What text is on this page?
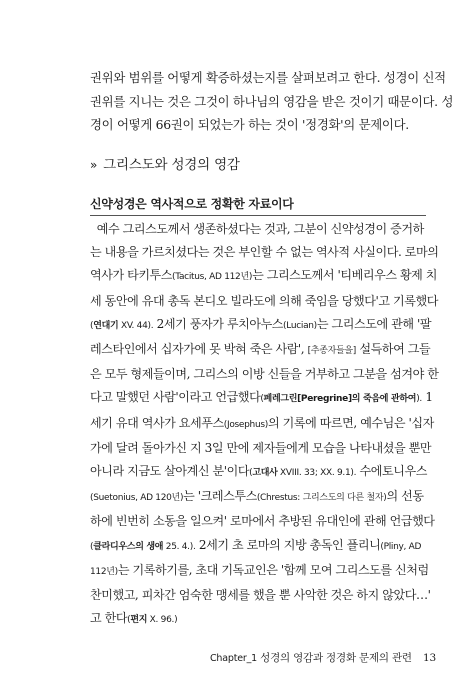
권위와 범위를 어떻게 확증하셨는지를 살펴보려고 한다. 성경이 신적
권위를 지니는 것은 그것이 하나님의 영감을 받은 것이기 때문이다. 성
경이 어떻게 66권이 되었는가 하는 것이 '정경화'의 문제이다.
» 그리스도와 성경의 영감
신약성경은 역사적으로 정확한 자료이다
예수 그리스도께서 생존하셨다는 것과, 그분이 신약성경이 증거하
는 내용을 가르치셨다는 것은 부인할 수 없는 역사적 사실이다. 로마의
역사가 타키투스(Tacitus, AD 112년)는 그리스도께서 '티베리우스 황제 치
세 동안에 유대 총독 본디오 빌라도에 의해 죽임을 당했다'고 기록했다
(연대기 XV. 44). 2세기 풍자가 루치아누스(Lucian)는 그리스도에 관해 '팔
레스타인에서 십자가에 못 박혀 죽은 사람', [추종자들을] 설득하여 그들
은 모두 형제들이며, 그리스의 이방 신들을 거부하고 그분을 섬겨야 한
다고 말했던 사람'이라고 언급했다(페레그린[Peregrine]의 죽음에 관하여). 1
세기 유대 역사가 요세푸스(Josephus)의 기록에 따르면, 예수님은 '십자
가에 달려 돌아가신 지 3일 만에 제자들에게 모습을 나타내셨을 뿐만
아니라 지금도 살아계신 분'이다(고대사 XVIII. 33; XX. 9.1). 수에토니우스
(Suetonius, AD 120년)는 '크레스투스(Chrestus: 그리스도의 다른 철자)의 선동
하에 빈번히 소동을 일으켜' 로마에서 추방된 유대인에 관해 언급했다
(클라디우스의 생애 25. 4.). 2세기 초 로마의 지방 총독인 플리니(Pliny, AD
112년)는 기록하기를, 초대 기독교인은 '함께 모여 그리스도를 신처럼
찬미했고, 피차간 엄숙한 맹세를 했을 뿐 사악한 것은 하지 않았다…'
고 한다(편지 X. 96.)
Chapter_1 성경의 영감과 정경화 문제의 관련 13
